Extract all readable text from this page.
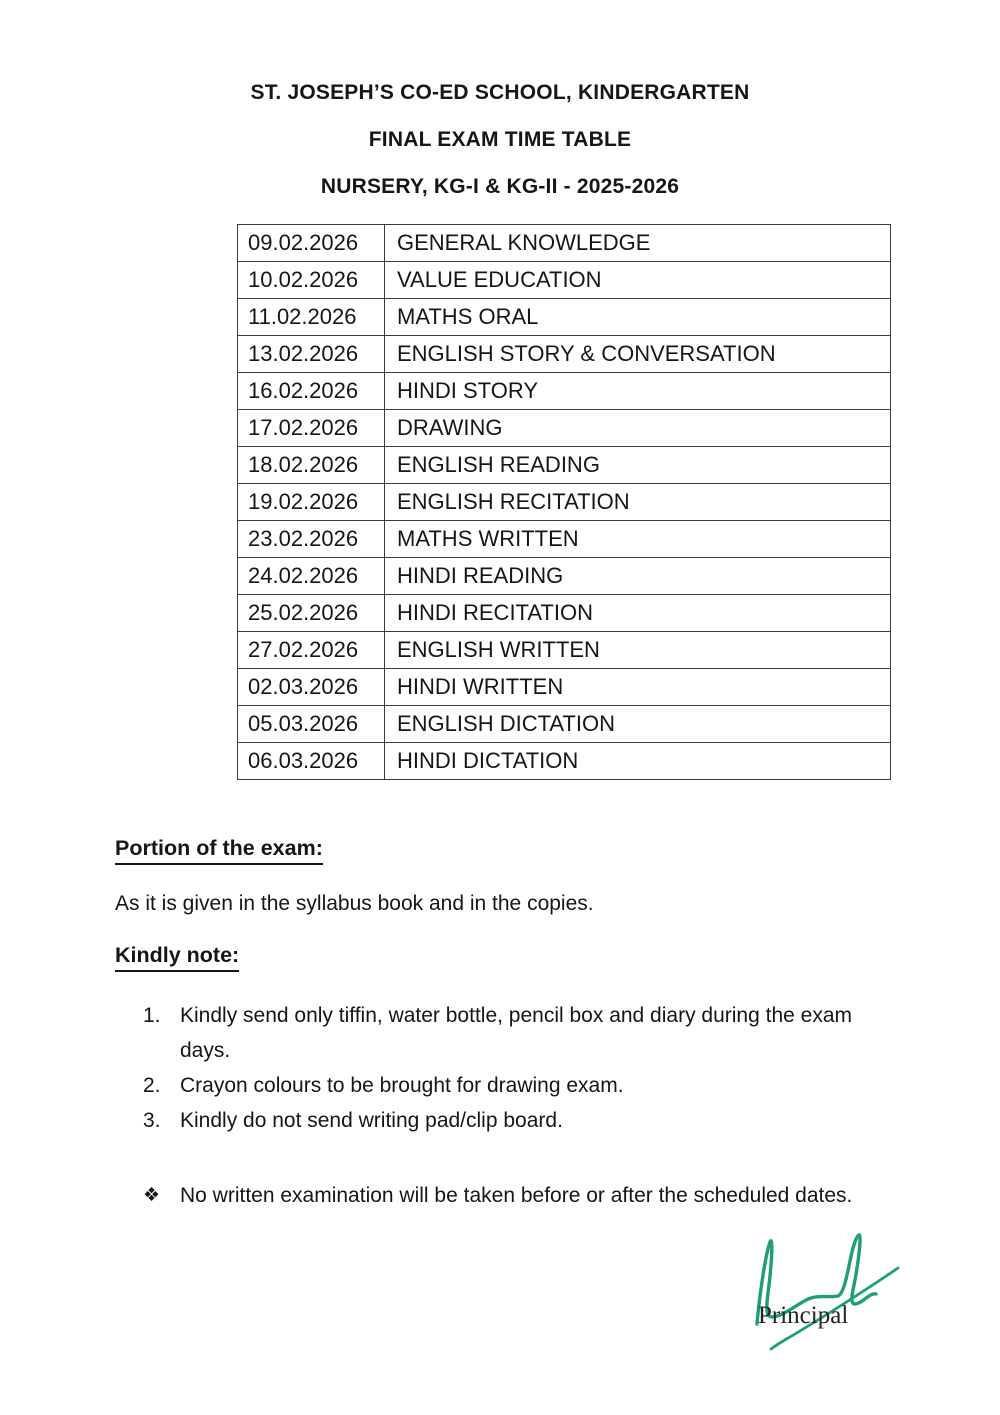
ST. JOSEPH’S CO-ED SCHOOL, KINDERGARTEN
FINAL EXAM TIME TABLE
NURSERY, KG-I & KG-II - 2025-2026
09.02.2026	GENERAL KNOWLEDGE
10.02.2026	VALUE EDUCATION
11.02.2026	MATHS ORAL
13.02.2026	ENGLISH STORY & CONVERSATION
16.02.2026	HINDI STORY
17.02.2026	DRAWING
18.02.2026	ENGLISH READING
19.02.2026	ENGLISH RECITATION
23.02.2026	MATHS WRITTEN
24.02.2026	HINDI READING
25.02.2026	HINDI RECITATION
27.02.2026	ENGLISH WRITTEN
02.03.2026	HINDI WRITTEN
05.03.2026	ENGLISH DICTATION
06.03.2026	HINDI DICTATION
Portion of the exam:
As it is given in the syllabus book and in the copies.
Kindly note:
1. Kindly send only tiffin, water bottle, pencil box and diary during the exam days.
2. Crayon colours to be brought for drawing exam.
3. Kindly do not send writing pad/clip board.
❖ No written examination will be taken before or after the scheduled dates.
Principal
